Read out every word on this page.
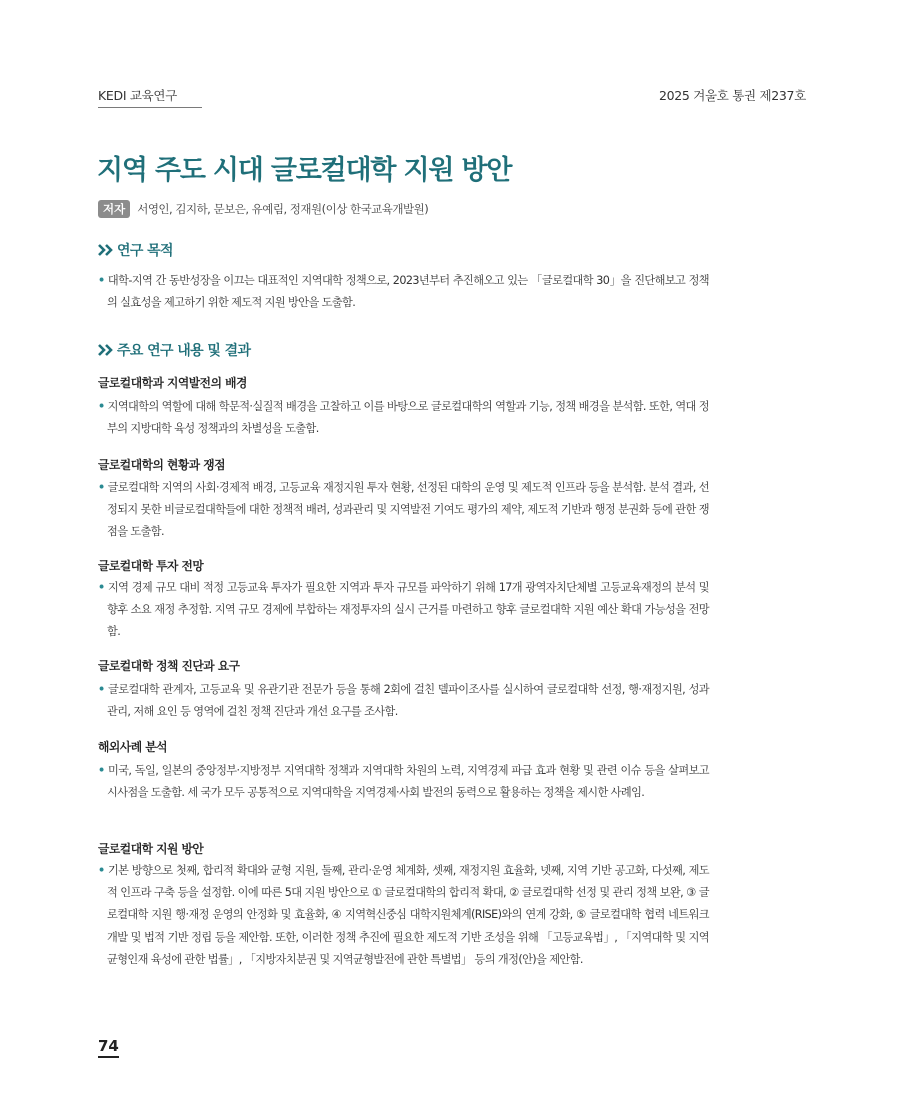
KEDI 교육연구	2025 겨울호 통권 제237호
지역 주도 시대 글로컬대학 지원 방안
저자	서영인, 김지하, 문보은, 유예림, 정재원(이상 한국교육개발원)
연구 목적
• 대학-지역 간 동반성장을 이끄는 대표적인 지역대학 정책으로, 2023년부터 추진해오고 있는 「글로컬대학 30」을 진단해보고 정책의 실효성을 제고하기 위한 제도적 지원 방안을 도출함.
주요 연구 내용 및 결과
글로컬대학과 지역발전의 배경
• 지역대학의 역할에 대해 학문적·실질적 배경을 고찰하고 이를 바탕으로 글로컬대학의 역할과 기능, 정책 배경을 분석함. 또한, 역대 정부의 지방대학 육성 정책과의 차별성을 도출함.
글로컬대학의 현황과 쟁점
• 글로컬대학 지역의 사회·경제적 배경, 고등교육 재정지원 투자 현황, 선정된 대학의 운영 및 제도적 인프라 등을 분석함. 분석 결과, 선정되지 못한 비글로컬대학들에 대한 정책적 배려, 성과관리 및 지역발전 기여도 평가의 제약, 제도적 기반과 행정 분권화 등에 관한 쟁점을 도출함.
글로컬대학 투자 전망
• 지역 경제 규모 대비 적정 고등교육 투자가 필요한 지역과 투자 규모를 파악하기 위해 17개 광역자치단체별 고등교육재정의 분석 및 향후 소요 재정 추정함. 지역 규모 경제에 부합하는 재정투자의 실시 근거를 마련하고 향후 글로컬대학 지원 예산 확대 가능성을 전망함.
글로컬대학 정책 진단과 요구
• 글로컬대학 관계자, 고등교육 및 유관기관 전문가 등을 통해 2회에 걸친 델파이조사를 실시하여 글로컬대학 선정, 행·재정지원, 성과관리, 저해 요인 등 영역에 걸친 정책 진단과 개선 요구를 조사함.
해외사례 분석
• 미국, 독일, 일본의 중앙정부·지방정부 지역대학 정책과 지역대학 차원의 노력, 지역경제 파급 효과 현황 및 관련 이슈 등을 살펴보고 시사점을 도출함. 세 국가 모두 공통적으로 지역대학을 지역경제·사회 발전의 동력으로 활용하는 정책을 제시한 사례임.
글로컬대학 지원 방안
• 기본 방향으로 첫째, 합리적 확대와 균형 지원, 둘째, 관리·운영 체계화, 셋째, 재정지원 효율화, 넷째, 지역 기반 공고화, 다섯째, 제도적 인프라 구축 등을 설정함. 이에 따른 5대 지원 방안으로 ① 글로컬대학의 합리적 확대, ② 글로컬대학 선정 및 관리 정책 보완, ③ 글로컬대학 지원 행·재정 운영의 안정화 및 효율화, ④ 지역혁신중심 대학지원체계(RISE)와의 연계 강화, ⑤ 글로컬대학 협력 네트워크 개발 및 법적 기반 정립 등을 제안함. 또한, 이러한 정책 추진에 필요한 제도적 기반 조성을 위해 「고등교육법」, 「지역대학 및 지역균형인재 육성에 관한 법률」, 「지방자치분권 및 지역균형발전에 관한 특별법」 등의 개정(안)을 제안함.
74
